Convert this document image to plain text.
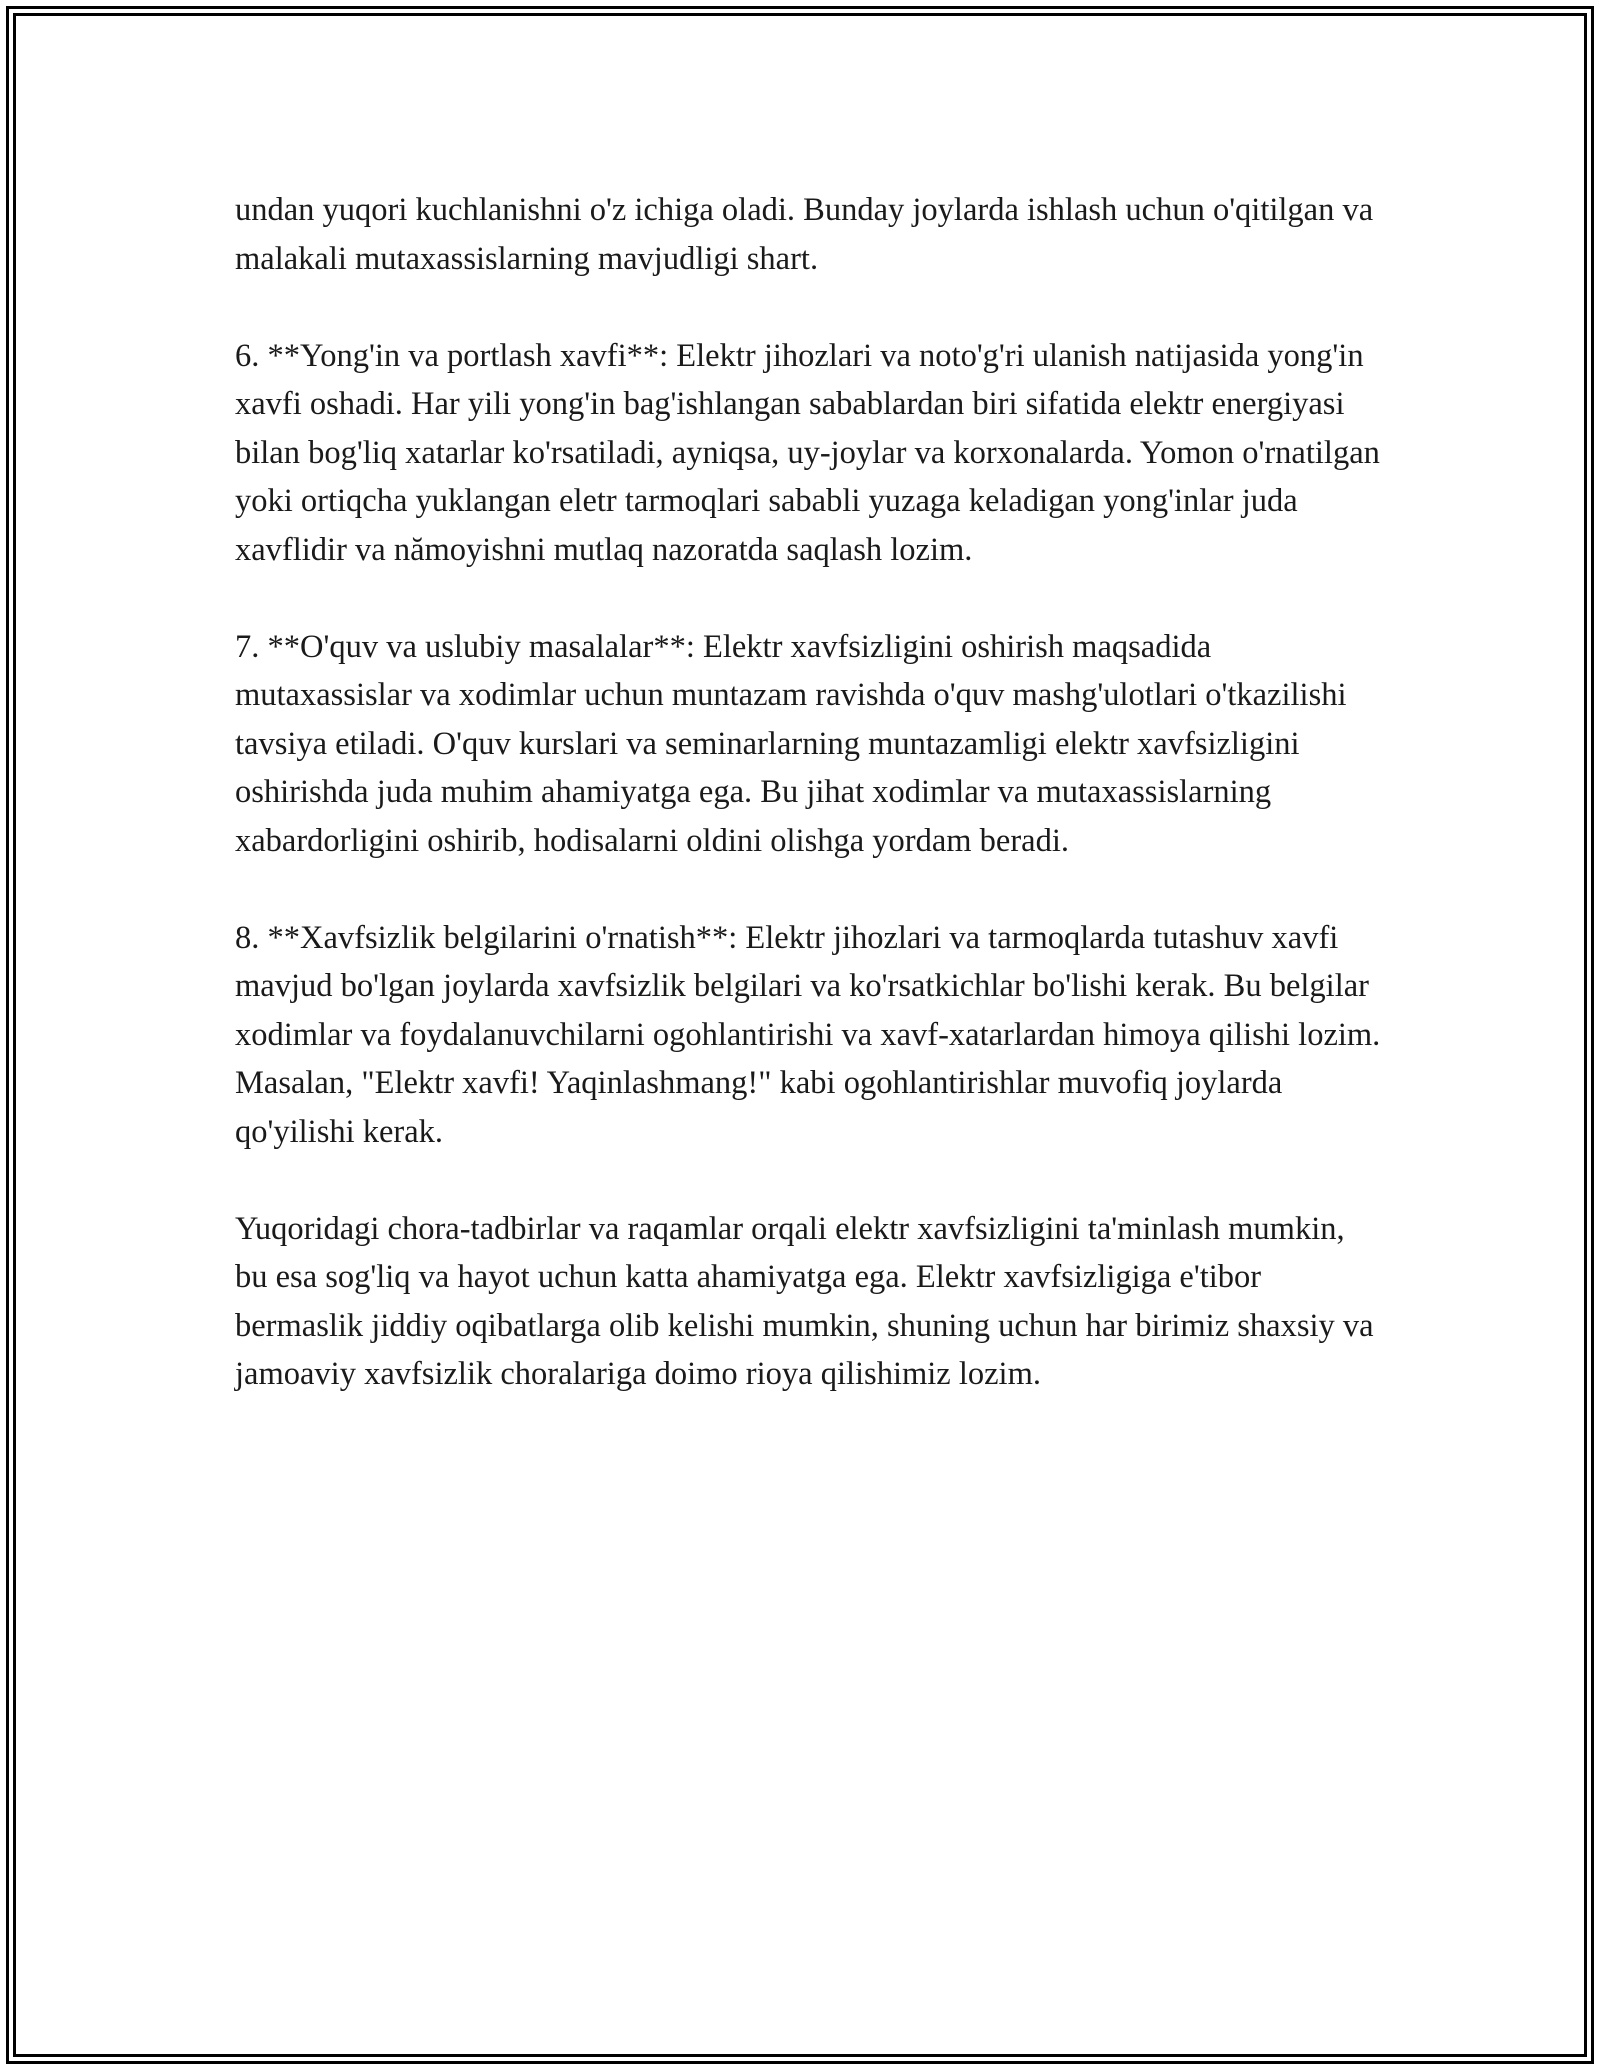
undan yuqori kuchlanishni o'z ichiga oladi. Bunday joylarda ishlash uchun o'qitilgan va malakali mutaxassislarning mavjudligi shart.

6. **Yong'in va portlash xavfi**: Elektr jihozlari va noto'g'ri ulanish natijasida yong'in xavfi oshadi. Har yili yong'in bag'ishlangan sabablardan biri sifatida elektr energiyasi bilan bog'liq xatarlar ko'rsatiladi, ayniqsa, uy-joylar va korxonalarda. Yomon o'rnatilgan yoki ortiqcha yuklangan eletr tarmoqlari sababli yuzaga keladigan yong'inlar juda xavflidir va nămoyishni mutlaq nazoratda saqlash lozim.

7. **O'quv va uslubiy masalalar**: Elektr xavfsizligini oshirish maqsadida mutaxassislar va xodimlar uchun muntazam ravishda o'quv mashg'ulotlari o'tkazilishi tavsiya etiladi. O'quv kurslari va seminarlarning muntazamligi elektr xavfsizligini oshirishda juda muhim ahamiyatga ega. Bu jihat xodimlar va mutaxassislarning xabardorligini oshirib, hodisalarni oldini olishga yordam beradi.

8. **Xavfsizlik belgilarini o'rnatish**: Elektr jihozlari va tarmoqlarda tutashuv xavfi mavjud bo'lgan joylarda xavfsizlik belgilari va ko'rsatkichlar bo'lishi kerak. Bu belgilar xodimlar va foydalanuvchilarni ogohlantirishi va xavf-xatarlardan himoya qilishi lozim. Masalan, "Elektr xavfi! Yaqinlashmang!" kabi ogohlantirishlar muvofiq joylarda qo'yilishi kerak.

Yuqoridagi chora-tadbirlar va raqamlar orqali elektr xavfsizligini ta'minlash mumkin, bu esa sog'liq va hayot uchun katta ahamiyatga ega. Elektr xavfsizligiga e'tibor bermaslik jiddiy oqibatlarga olib kelishi mumkin, shuning uchun har birimiz shaxsiy va jamoaviy xavfsizlik choralariga doimo rioya qilishimiz lozim.
